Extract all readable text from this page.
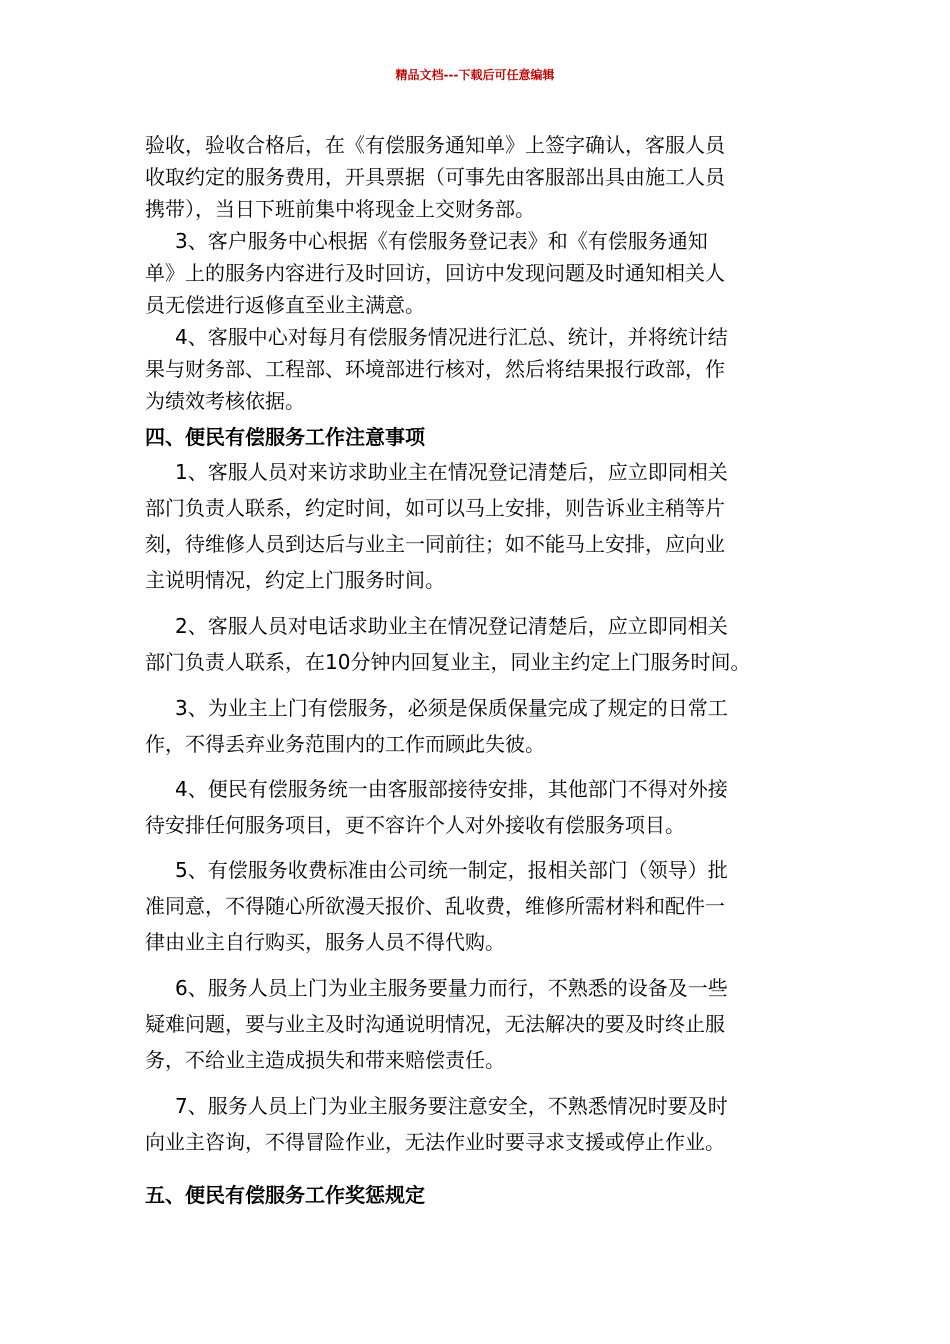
精品文档---下载后可任意编辑
验收，验收合格后，在《有偿服务通知单》上签字确认，客服人员
收取约定的服务费用，开具票据（可事先由客服部出具由施工人员
携带），当日下班前集中将现金上交财务部。
3、客户服务中心根据《有偿服务登记表》和《有偿服务通知
单》上的服务内容进行及时回访，回访中发现问题及时通知相关人
员无偿进行返修直至业主满意。
4、客服中心对每月有偿服务情况进行汇总、统计，并将统计结
果与财务部、工程部、环境部进行核对，然后将结果报行政部，作
为绩效考核依据。
四、便民有偿服务工作注意事项
1、客服人员对来访求助业主在情况登记清楚后，应立即同相关
部门负责人联系，约定时间，如可以马上安排，则告诉业主稍等片
刻，待维修人员到达后与业主一同前往；如不能马上安排，应向业
主说明情况，约定上门服务时间。
2、客服人员对电话求助业主在情况登记清楚后，应立即同相关
部门负责人联系，在10分钟内回复业主，同业主约定上门服务时间。
3、为业主上门有偿服务，必须是保质保量完成了规定的日常工
作，不得丢弃业务范围内的工作而顾此失彼。
4、便民有偿服务统一由客服部接待安排，其他部门不得对外接
待安排任何服务项目，更不容许个人对外接收有偿服务项目。
5、有偿服务收费标准由公司统一制定，报相关部门（领导）批
准同意，不得随心所欲漫天报价、乱收费，维修所需材料和配件一
律由业主自行购买，服务人员不得代购。
6、服务人员上门为业主服务要量力而行，不熟悉的设备及一些
疑难问题，要与业主及时沟通说明情况，无法解决的要及时终止服
务，不给业主造成损失和带来赔偿责任。
7、服务人员上门为业主服务要注意安全，不熟悉情况时要及时
向业主咨询，不得冒险作业，无法作业时要寻求支援或停止作业。
五、便民有偿服务工作奖惩规定
